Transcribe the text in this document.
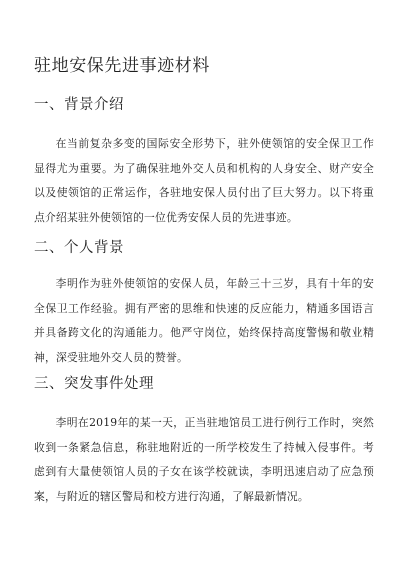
驻地安保先进事迹材料
一、背景介绍

在当前复杂多变的国际安全形势下，驻外使领馆的安全保卫工作显得尤为重要。为了确保驻地外交人员和机构的人身安全、财产安全以及使领馆的正常运作，各驻地安保人员付出了巨大努力。以下将重点介绍某驻外使领馆的一位优秀安保人员的先进事迹。

二、个人背景

李明作为驻外使领馆的安保人员，年龄三十三岁，具有十年的安全保卫工作经验。拥有严密的思维和快速的反应能力，精通多国语言并具备跨文化的沟通能力。他严守岗位，始终保持高度警惕和敬业精神，深受驻地外交人员的赞誉。

三、突发事件处理

李明在2019年的某一天，正当驻地馆员工进行例行工作时，突然收到一条紧急信息，称驻地附近的一所学校发生了持械入侵事件。考虑到有大量使领馆人员的子女在该学校就读，李明迅速启动了应急预案，与附近的辖区警局和校方进行沟通，了解最新情况。
